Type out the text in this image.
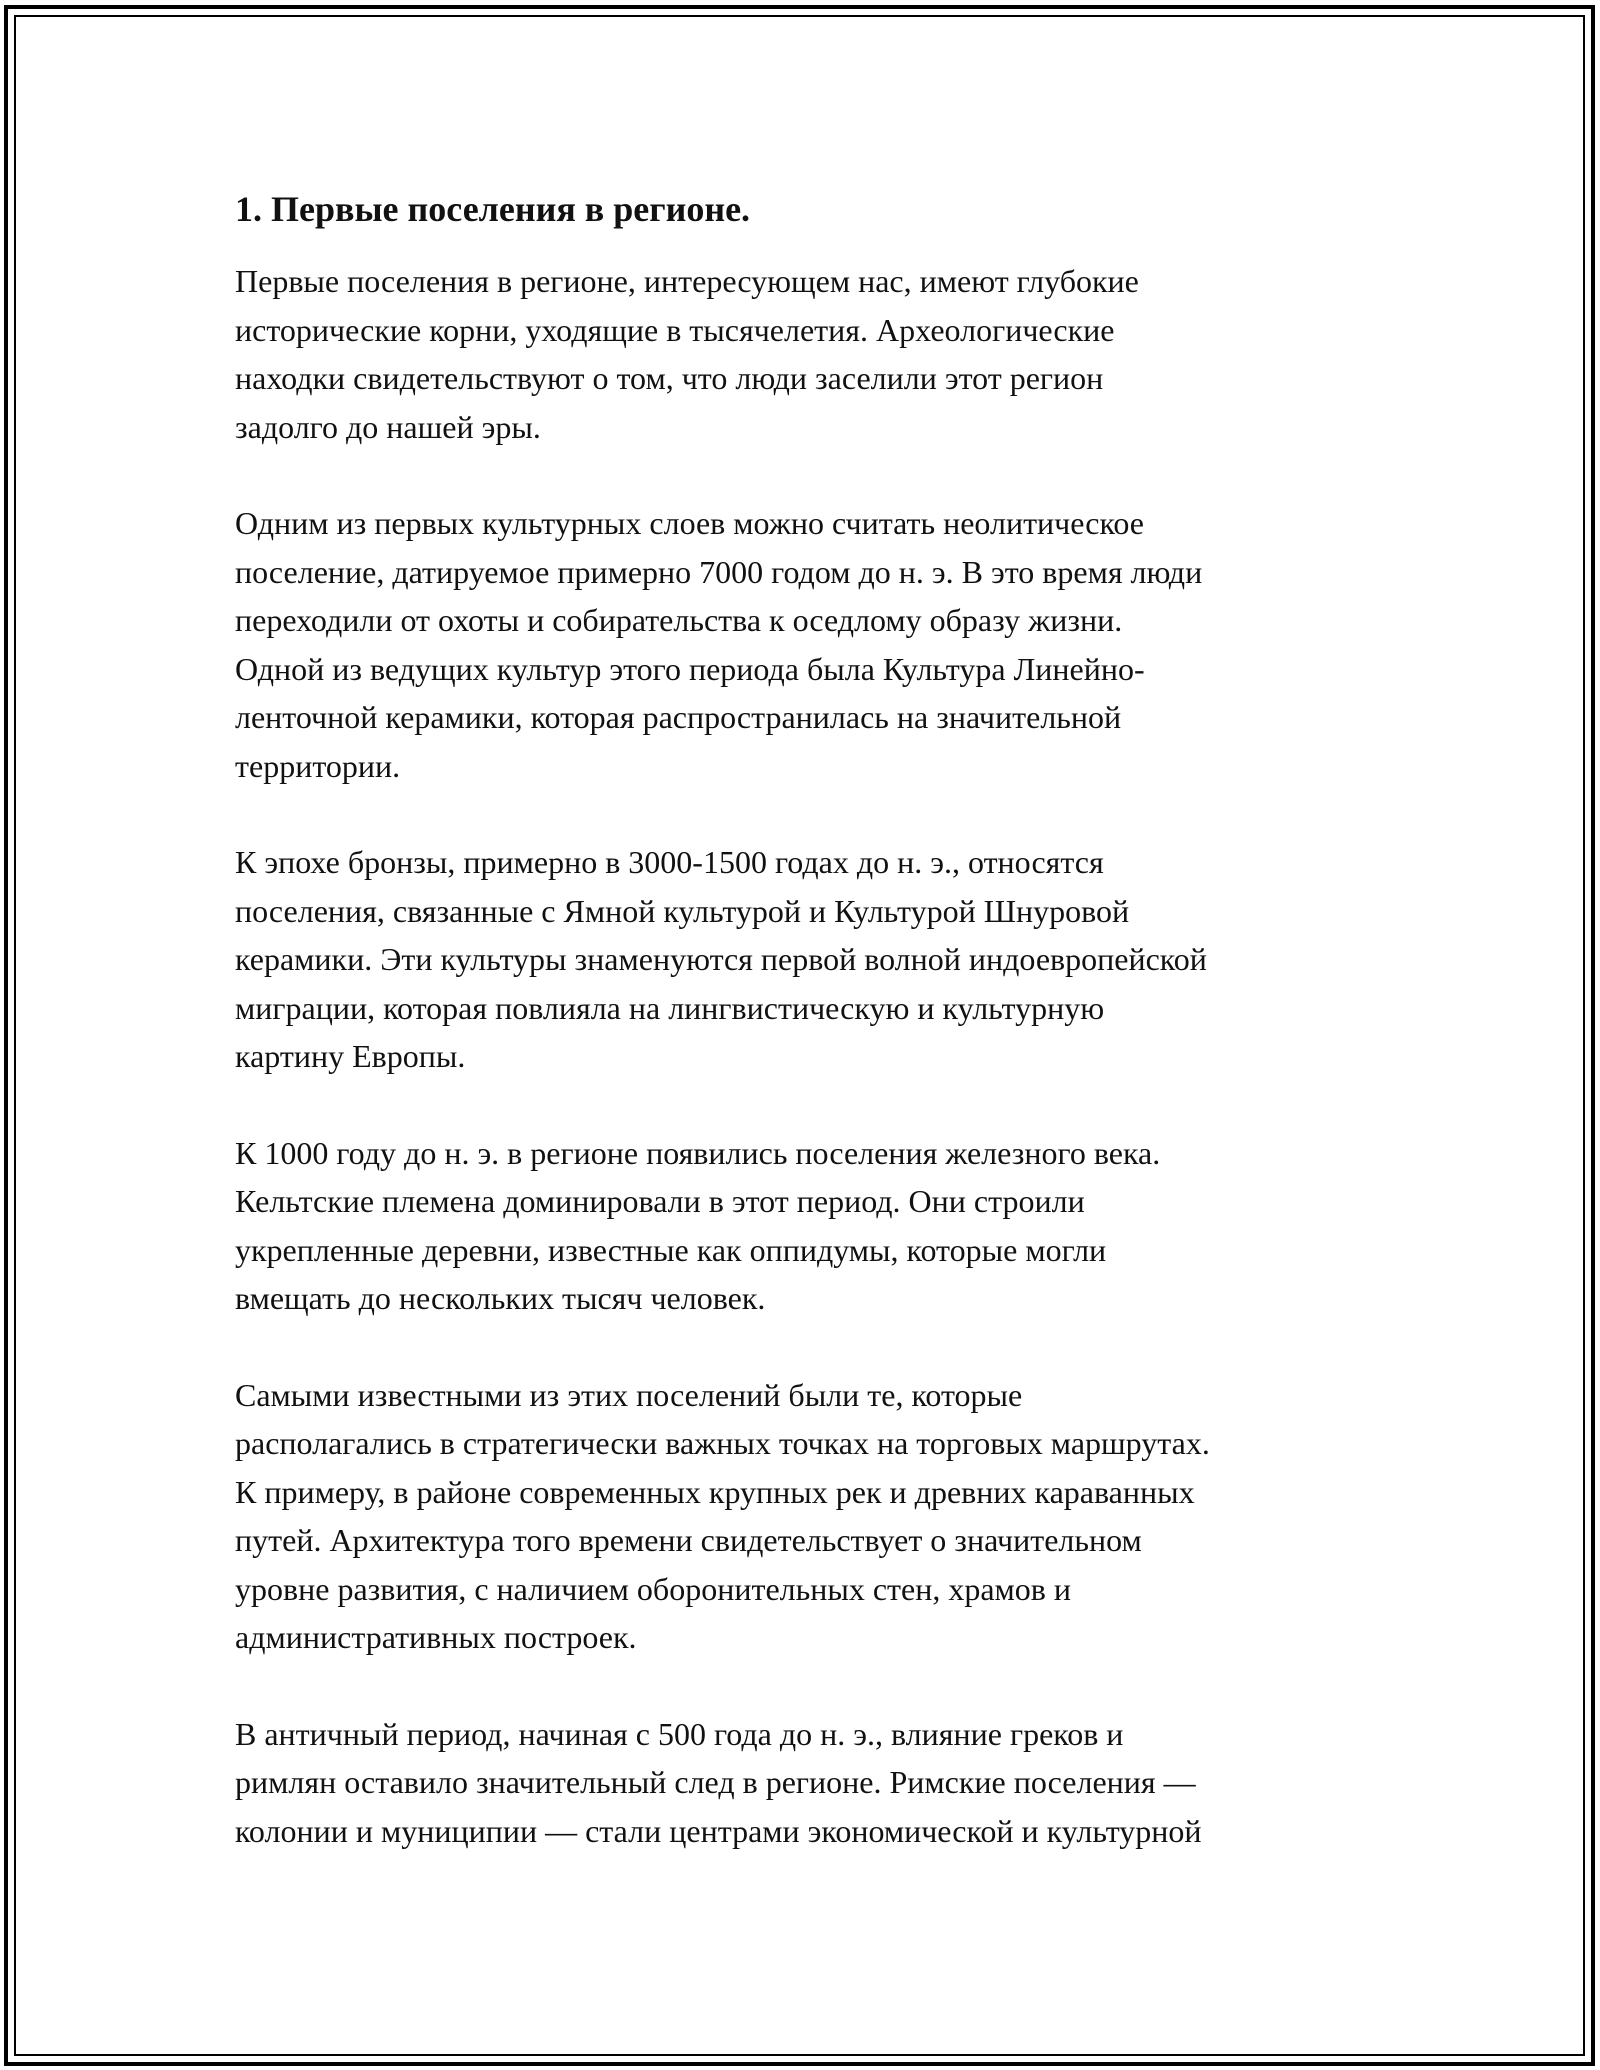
1. Первые поселения в регионе.
Первые поселения в регионе, интересующем нас, имеют глубокие
исторические корни, уходящие в тысячелетия. Археологические
находки свидетельствуют о том, что люди заселили этот регион
задолго до нашей эры.
Одним из первых культурных слоев можно считать неолитическое
поселение, датируемое примерно 7000 годом до н. э. В это время люди
переходили от охоты и собирательства к оседлому образу жизни.
Одной из ведущих культур этого периода была Культура Линейно-
ленточной керамики, которая распространилась на значительной
территории.
К эпохе бронзы, примерно в 3000-1500 годах до н. э., относятся
поселения, связанные с Ямной культурой и Культурой Шнуровой
керамики. Эти культуры знаменуются первой волной индоевропейской
миграции, которая повлияла на лингвистическую и культурную
картину Европы.
К 1000 году до н. э. в регионе появились поселения железного века.
Кельтские племена доминировали в этот период. Они строили
укрепленные деревни, известные как оппидумы, которые могли
вмещать до нескольких тысяч человек.
Самыми известными из этих поселений были те, которые
располагались в стратегически важных точках на торговых маршрутах.
К примеру, в районе современных крупных рек и древних караванных
путей. Архитектура того времени свидетельствует о значительном
уровне развития, с наличием оборонительных стен, храмов и
административных построек.
В античный период, начиная с 500 года до н. э., влияние греков и
римлян оставило значительный след в регионе. Римские поселения —
колонии и муниципии — стали центрами экономической и культурной
